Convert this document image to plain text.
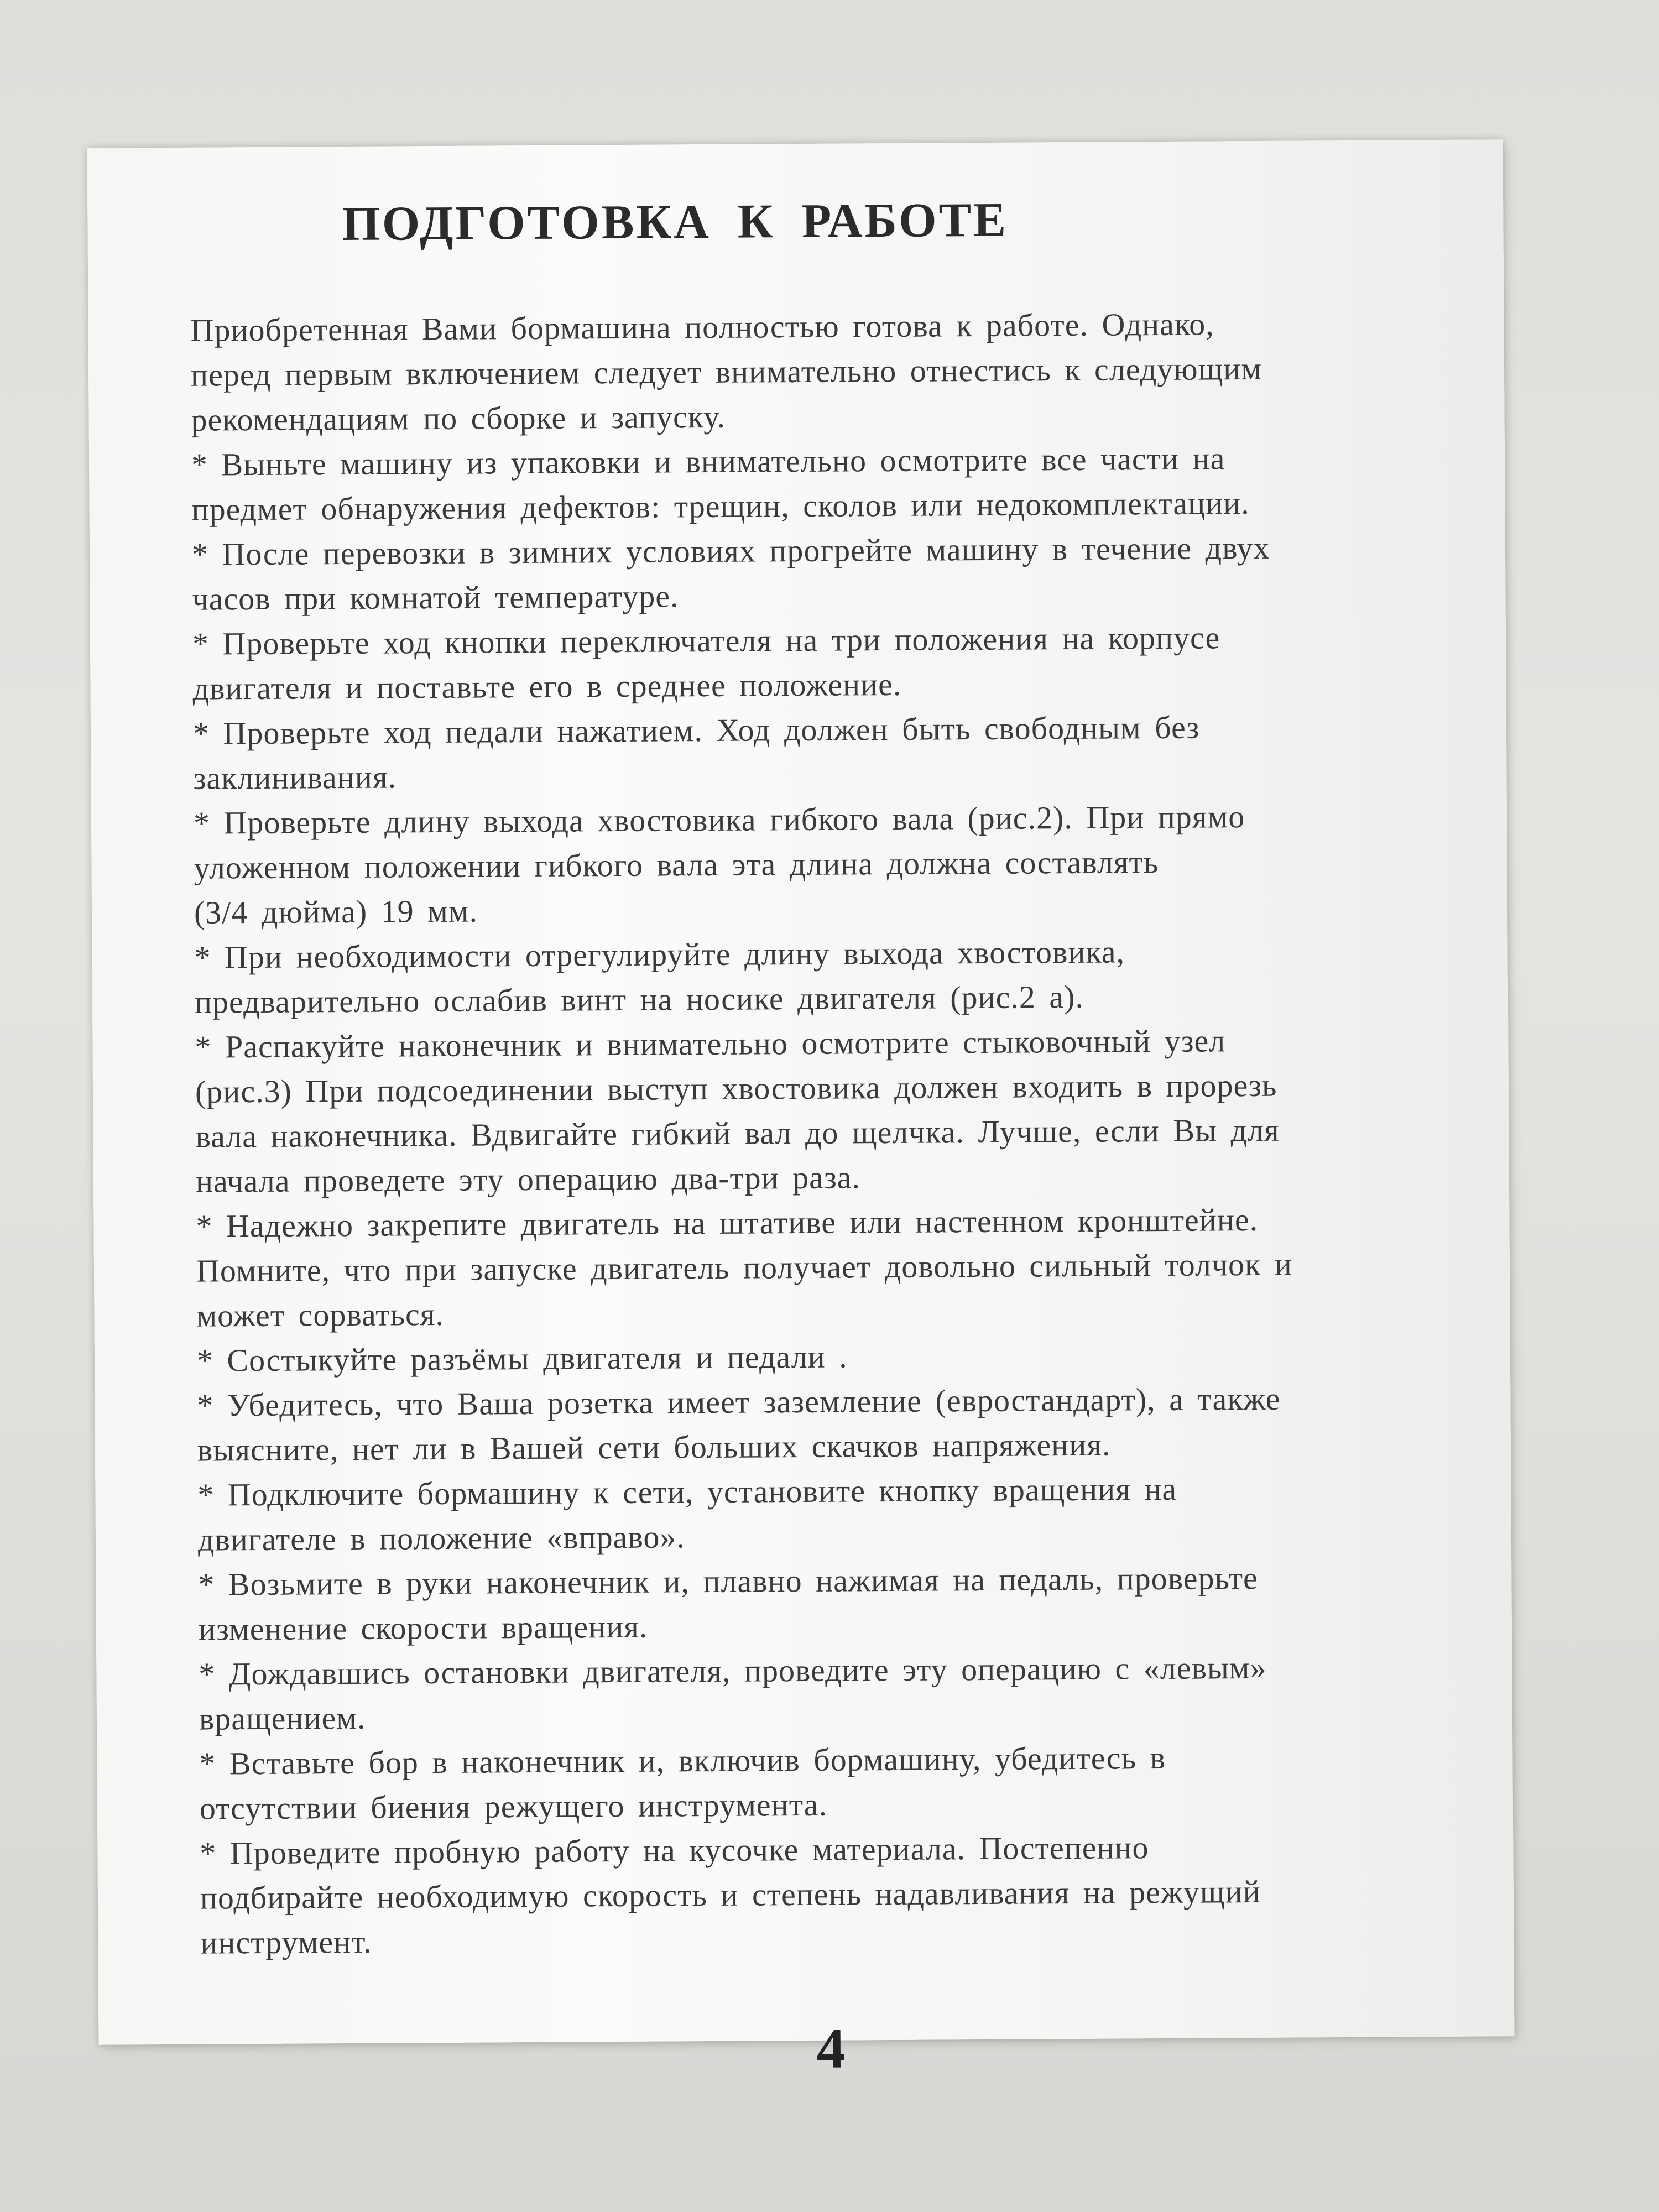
ПОДГОТОВКА К РАБОТЕ
Приобретенная Вами бормашина полностью готова к работе. Однако,
перед первым включением следует внимательно отнестись к следующим
рекомендациям по сборке и запуску.
* Выньте машину из упаковки и внимательно осмотрите все части на
предмет обнаружения дефектов: трещин, сколов или недокомплектации.
* После перевозки в зимних условиях прогрейте машину в течение двух
часов при комнатой температуре.
* Проверьте ход кнопки переключателя на три положения на корпусе
двигателя и поставьте его в среднее положение.
* Проверьте ход педали нажатием. Ход должен быть свободным без
заклинивания.
* Проверьте длину выхода хвостовика гибкого вала (рис.2). При прямо
уложенном положении гибкого вала эта длина должна составлять
(3/4 дюйма) 19 мм.
* При необходимости отрегулируйте длину выхода хвостовика,
предварительно ослабив винт на носике двигателя (рис.2 а).
* Распакуйте наконечник и внимательно осмотрите стыковочный узел
(рис.3) При подсоединении выступ хвостовика должен входить в прорезь
вала наконечника. Вдвигайте гибкий вал до щелчка. Лучше, если Вы для
начала проведете эту операцию два-три раза.
* Надежно закрепите двигатель на штативе или настенном кронштейне.
Помните, что при запуске двигатель получает довольно сильный толчок и
может сорваться.
* Состыкуйте разъёмы двигателя и педали .
* Убедитесь, что Ваша розетка имеет заземление (евростандарт), а также
выясните, нет ли в Вашей сети больших скачков напряжения.
* Подключите бормашину к сети, установите кнопку вращения на
двигателе в положение «вправо».
* Возьмите в руки наконечник и, плавно нажимая на педаль, проверьте
изменение скорости вращения.
* Дождавшись остановки двигателя, проведите эту операцию с «левым»
вращением.
* Вставьте бор в наконечник и, включив бормашину, убедитесь в
отсутствии биения режущего инструмента.
* Проведите пробную работу на кусочке материала. Постепенно
подбирайте необходимую скорость и степень надавливания на режущий
инструмент.

4
